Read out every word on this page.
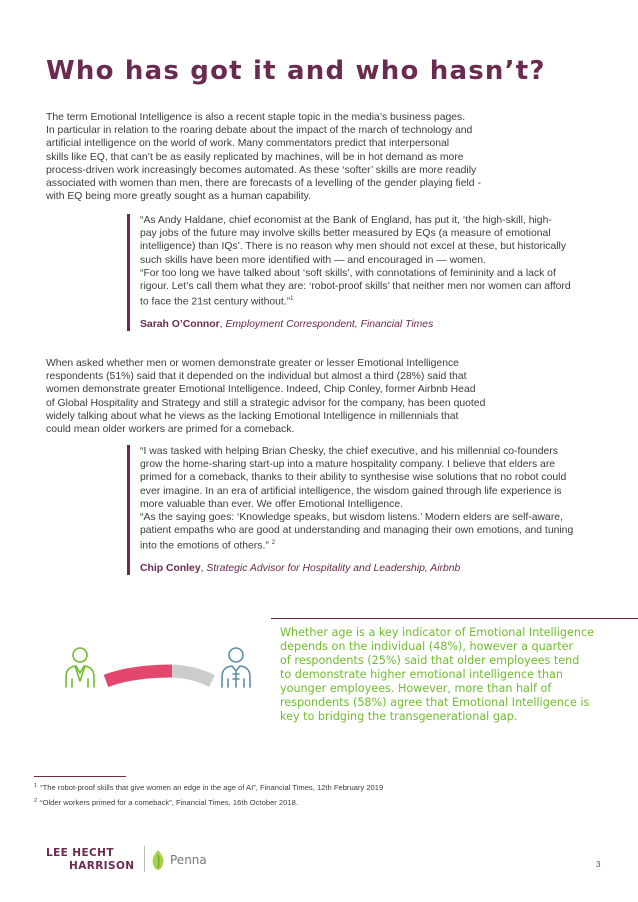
Who has got it and who hasn’t?
The term Emotional Intelligence is also a recent staple topic in the media’s business pages.
In particular in relation to the roaring debate about the impact of the march of technology and
artificial intelligence on the world of work. Many commentators predict that interpersonal
skills like EQ, that can’t be as easily replicated by machines, will be in hot demand as more
process-driven work increasingly becomes automated. As these ‘softer’ skills are more readily
associated with women than men, there are forecasts of a levelling of the gender playing field -
with EQ being more greatly sought as a human capability.
“As Andy Haldane, chief economist at the Bank of England, has put it, ‘the high-skill, high-
pay jobs of the future may involve skills better measured by EQs (a measure of emotional
intelligence) than IQs’. There is no reason why men should not excel at these, but historically
such skills have been more identified with — and encouraged in — women.
“For too long we have talked about ‘soft skills’, with connotations of femininity and a lack of
rigour. Let’s call them what they are: ‘robot-proof skills’ that neither men nor women can afford
to face the 21st century without.”$^1$
Sarah O’Connor, Employment Correspondent, Financial Times
When asked whether men or women demonstrate greater or lesser Emotional Intelligence
respondents (51%) said that it depended on the individual but almost a third (28%) said that
women demonstrate greater Emotional Intelligence. Indeed, Chip Conley, former Airbnb Head
of Global Hospitality and Strategy and still a strategic advisor for the company, has been quoted
widely talking about what he views as the lacking Emotional Intelligence in millennials that
could mean older workers are primed for a comeback.
“I was tasked with helping Brian Chesky, the chief executive, and his millennial co-founders
grow the home-sharing start-up into a mature hospitality company. I believe that elders are
primed for a comeback, thanks to their ability to synthesise wise solutions that no robot could
ever imagine. In an era of artificial intelligence, the wisdom gained through life experience is
more valuable than ever. We offer Emotional Intelligence.
“As the saying goes: ‘Knowledge speaks, but wisdom listens.’ Modern elders are self-aware,
patient empaths who are good at understanding and managing their own emotions, and tuning
into the emotions of others.” $^2$
Chip Conley, Strategic Advisor for Hospitality and Leadership, Airbnb
Whether age is a key indicator of Emotional Intelligence
depends on the individual (48%), however a quarter
of respondents (25%) said that older employees tend
to demonstrate higher emotional intelligence than
younger employees. However, more than half of
respondents (58%) agree that Emotional Intelligence is
key to bridging the transgenerational gap.
$^1$ “The robot-proof skills that give women an edge in the age of AI”, Financial Times, 12th February 2019
$^2$ “Older workers primed for a comeback”, Financial Times, 16th October 2018.
LEE HECHT
HARRISON	Penna	3
